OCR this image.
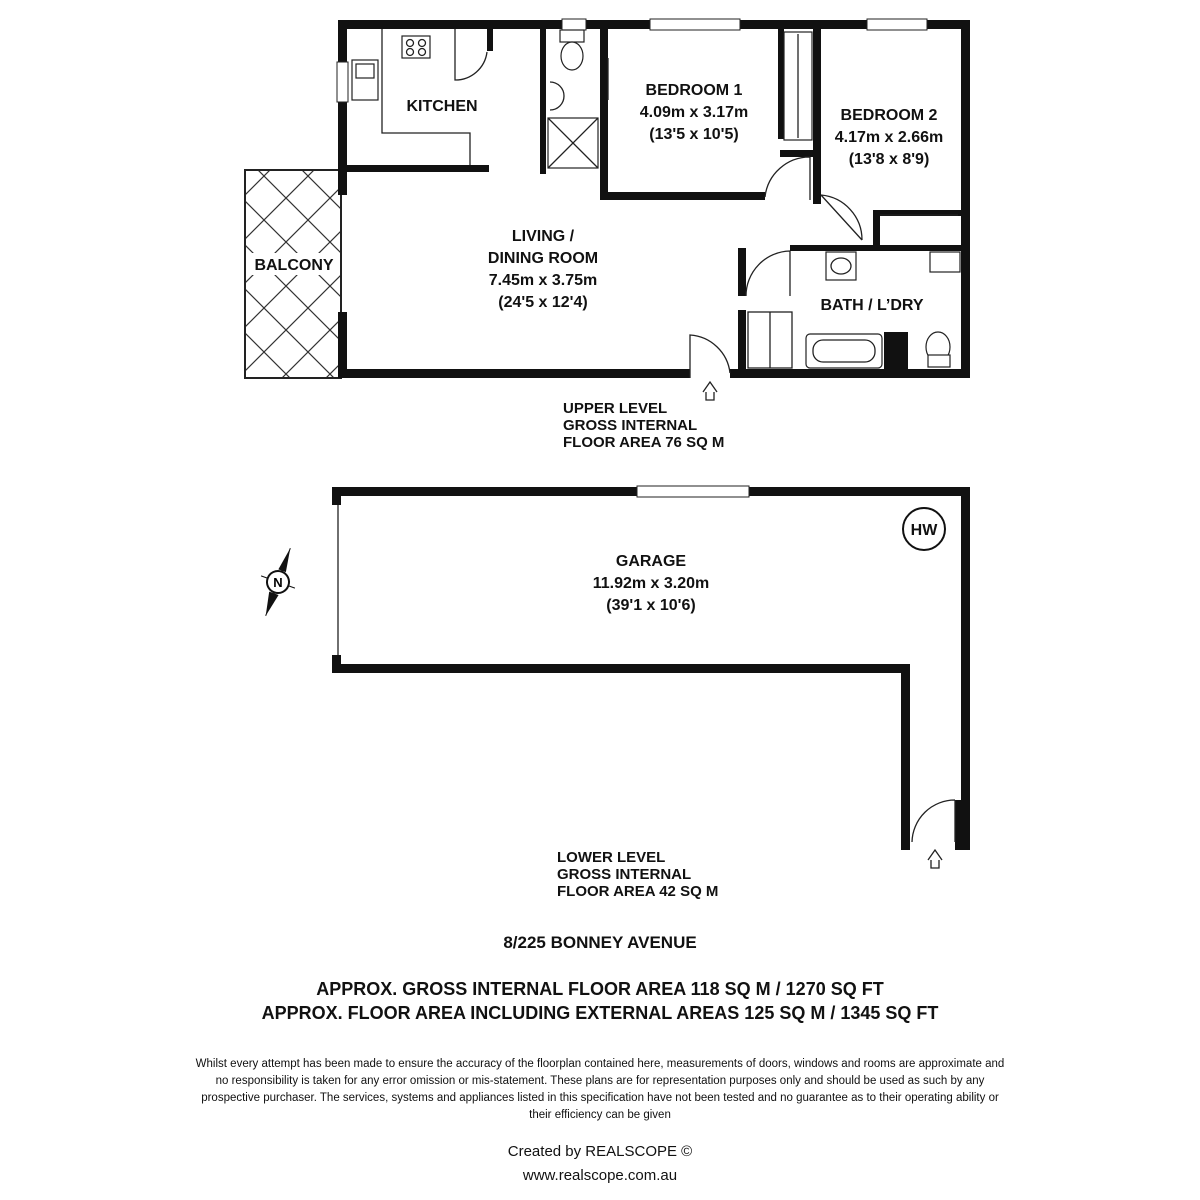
KITCHEN
BEDROOM 1
4.09m x 3.17m
(13'5 x 10'5)
BEDROOM 2
4.17m x 2.66m
(13'8 x 8'9)
LIVING /
DINING ROOM
7.45m x 3.75m
(24'5 x 12'4)
BALCONY
BATH / L’DRY
UPPER LEVEL
GROSS INTERNAL
FLOOR AREA 76 SQ M
HW
GARAGE
11.92m x 3.20m
(39'1 x 10'6)
LOWER LEVEL
GROSS INTERNAL
FLOOR AREA 42 SQ M
N
8/225 BONNEY AVENUE
APPROX. GROSS INTERNAL FLOOR AREA 118 SQ M / 1270 SQ FT
APPROX. FLOOR AREA INCLUDING EXTERNAL AREAS 125 SQ M / 1345 SQ FT
Whilst every attempt has been made to ensure the accuracy of the floorplan contained here, measurements of doors, windows and rooms are approximate and no responsibility is taken for any error omission or mis-statement. These plans are for representation purposes only and should be used as such by any prospective purchaser. The services, systems and appliances listed in this specification have not been tested and no guarantee as to their operating ability or their efficiency can be given
Created by REALSCOPE ©
www.realscope.com.au
